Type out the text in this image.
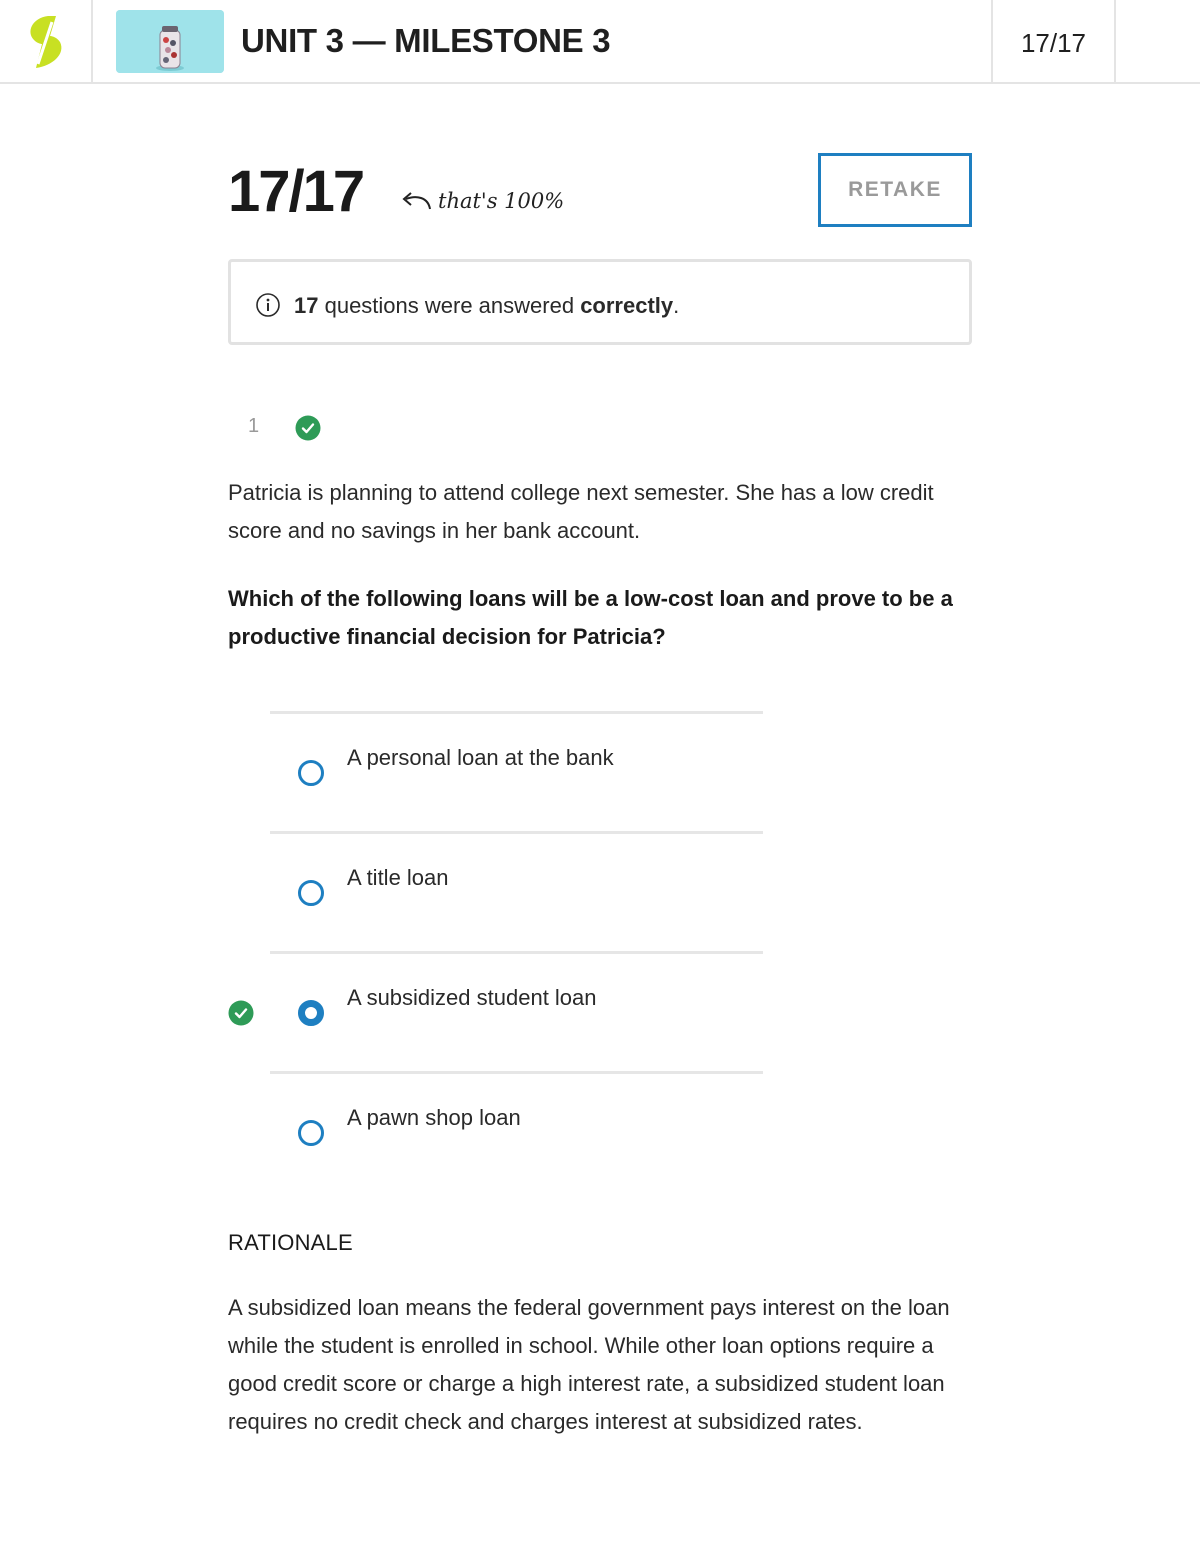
UNIT 3 — MILESTONE 3	17/17
17/17	that's 100%	RETAKE
17 questions were answered correctly.
1
Patricia is planning to attend college next semester. She has a low credit score and no savings in her bank account.
Which of the following loans will be a low-cost loan and prove to be a productive financial decision for Patricia?
A personal loan at the bank
A title loan
A subsidized student loan
A pawn shop loan
RATIONALE
A subsidized loan means the federal government pays interest on the loan while the student is enrolled in school. While other loan options require a good credit score or charge a high interest rate, a subsidized student loan requires no credit check and charges interest at subsidized rates.
